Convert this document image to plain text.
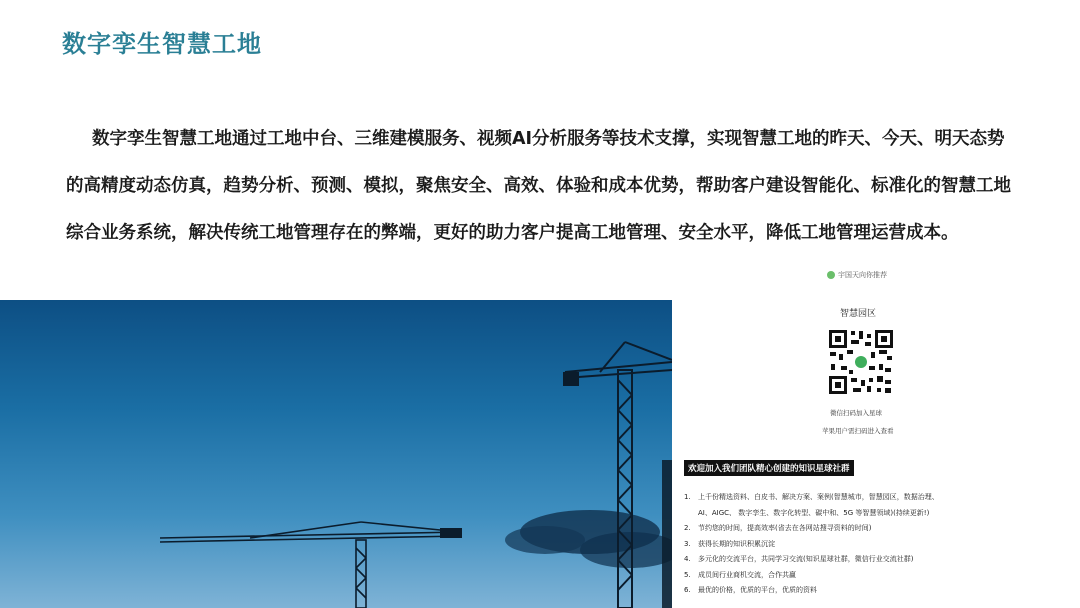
数字孪生智慧工地
数字孪生智慧工地通过工地中台、三维建模服务、视频AI分析服务等技术支撑，实现智慧工地的昨天、今天、明天态势的高精度动态仿真，趋势分析、预测、模拟，聚焦安全、高效、体验和成本优势，帮助客户建设智能化、标准化的智慧工地综合业务系统，解决传统工地管理存在的弊端，更好的助力客户提高工地管理、安全水平，降低工地管理运营成本。
宇国天向你推荐
智慧园区
微信扫码加入星球
苹果用户需扫码进入查看
欢迎加入我们团队精心创建的知识星球社群
1. 上千份精选资料、白皮书、解决方案、案例(智慧城市，智慧园区，数据治理、
AI、AIGC、 数字孪生、数字化转型、碳中和、5G 等智慧领域)(持续更新!)
2. 节约您的时间，提高效率(省去在各网站搜寻资料的时间)
3. 获得长期的知识积累沉淀
4. 多元化的交流平台，共同学习交流(知识星球社群，微信行业交流社群)
5. 成员间行业商机交流，合作共赢
6. 最优的价格，优质的平台，优质的资料
